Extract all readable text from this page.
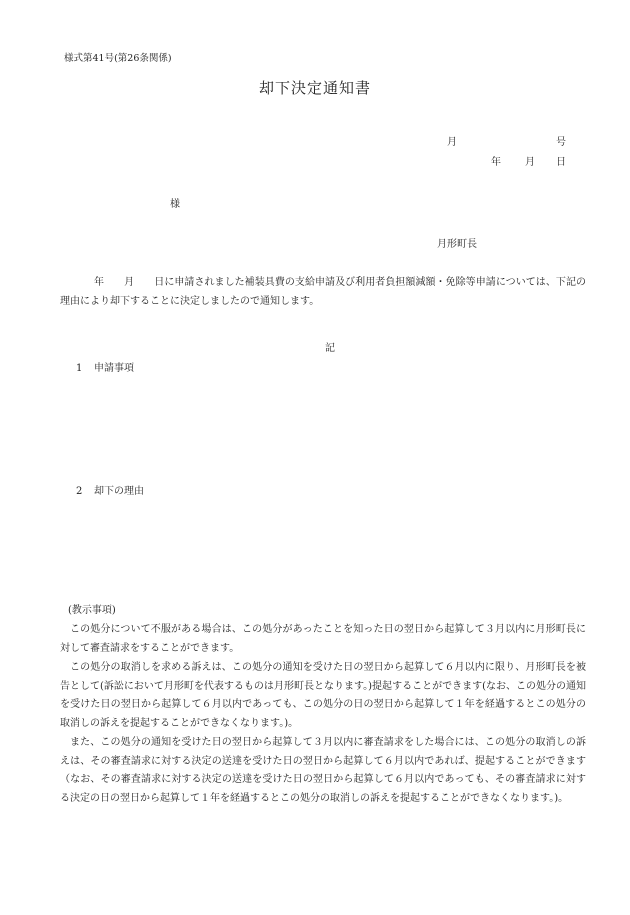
様式第41号(第26条関係)
却下決定通知書
月	号
年 月 日
様
月形町長
年　　月　　日に申請されました補装具費の支給申請及び利用者負担額減額・免除等申請については、下記の理由により却下することに決定しましたので通知します。
記
1 申請事項
2 却下の理由
(教示事項)
この処分について不服がある場合は、この処分があったことを知った日の翌日から起算して３月以内に月形町長に対して審査請求をすることができます。
この処分の取消しを求める訴えは、この処分の通知を受けた日の翌日から起算して６月以内に限り、月形町長を被告として(訴訟において月形町を代表するものは月形町長となります。)提起することができます(なお、この処分の通知を受けた日の翌日から起算して６月以内であっても、この処分の日の翌日から起算して１年を経過するとこの処分の取消しの訴えを提起することができなくなります。)。
また、この処分の通知を受けた日の翌日から起算して３月以内に審査請求をした場合には、この処分の取消しの訴えは、その審査請求に対する決定の送達を受けた日の翌日から起算して６月以内であれば、提起することができます（なお、その審査請求に対する決定の送達を受けた日の翌日から起算して６月以内であっても、その審査請求に対する決定の日の翌日から起算して１年を経過するとこの処分の取消しの訴えを提起することができなくなります。)。
